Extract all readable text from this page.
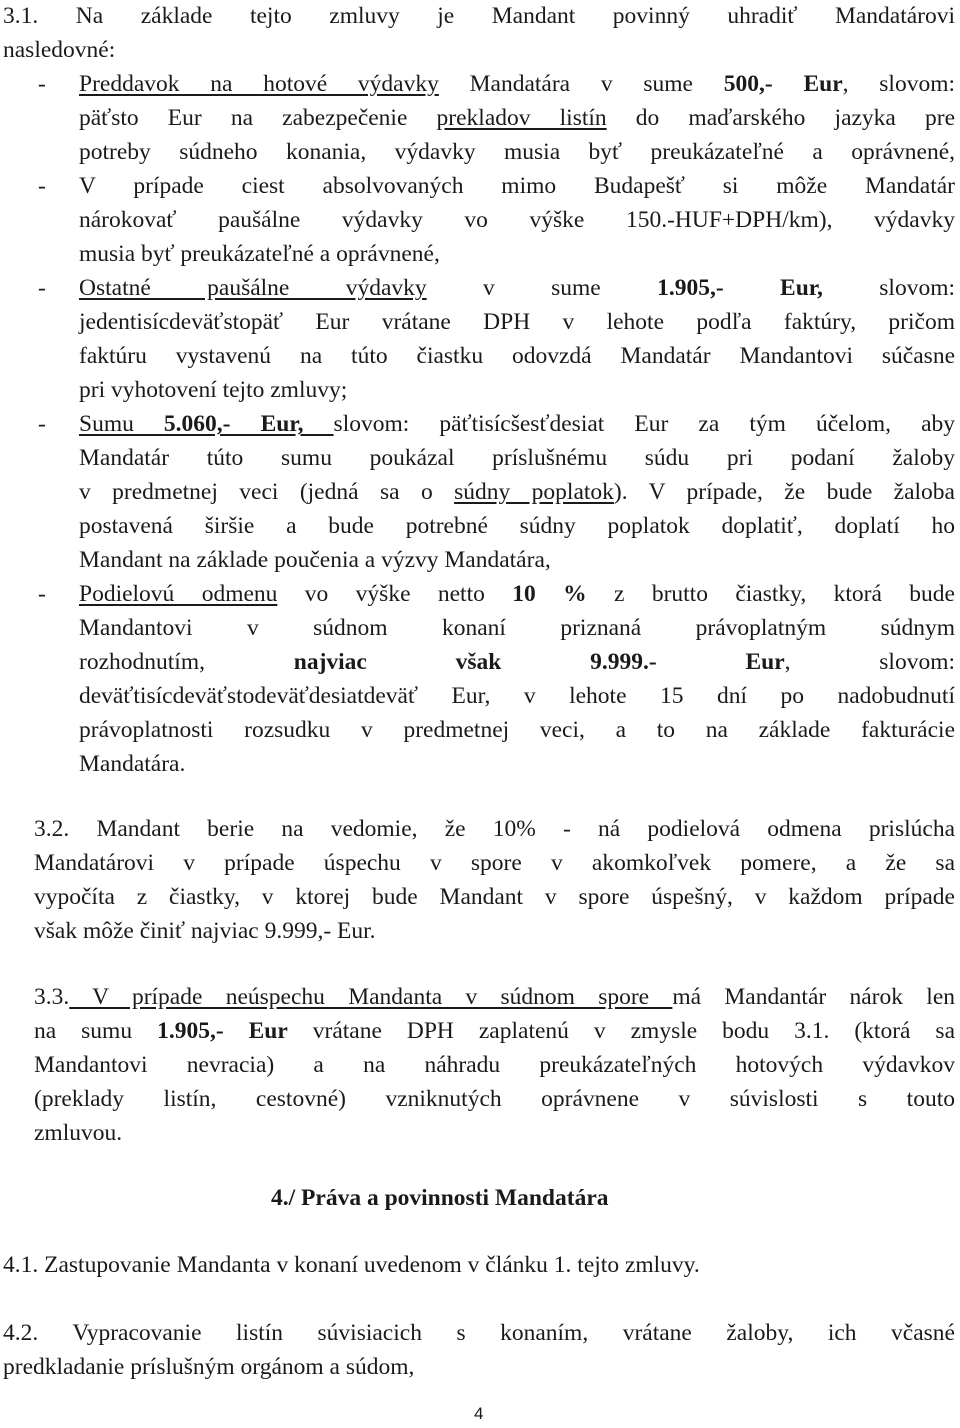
3.1. Na základe tejto zmluvy je Mandant povinný uhradiť Mandatárovi
nasledovné:
- Preddavok na hotové výdavky Mandatára v sume 500,- Eur, slovom:
päťsto Eur na zabezpečenie prekladov listín do maďarského jazyka pre
potreby súdneho konania, výdavky musia byť preukázateľné a oprávnené,
- V prípade ciest absolvovaných mimo Budapešť si môže Mandatár
nárokovať paušálne výdavky vo výške 150.-HUF+DPH/km), výdavky
musia byť preukázateľné a oprávnené,
- Ostatné paušálne výdavky v sume 1.905,- Eur, slovom:
jedentisícdeväťstopäť Eur vrátane DPH v lehote podľa faktúry, pričom
faktúru vystavenú na túto čiastku odovzdá Mandatár Mandantovi súčasne
pri vyhotovení tejto zmluvy;
- Sumu 5.060,- Eur, slovom: päťtisícšesťdesiat Eur za tým účelom, aby
Mandatár túto sumu poukázal príslušnému súdu pri podaní žaloby
v predmetnej veci (jedná sa o súdny poplatok). V prípade, že bude žaloba
postavená širšie a bude potrebné súdny poplatok doplatiť, doplatí ho
Mandant na základe poučenia a výzvy Mandatára,
- Podielovú odmenu vo výške netto 10 % z brutto čiastky, ktorá bude
Mandantovi v súdnom konaní priznaná právoplatným súdnym
rozhodnutím, najviac však 9.999.- Eur, slovom:
deväťtisícdeväťstodeväťdesiatdeväť Eur, v lehote 15 dní po nadobudnutí
právoplatnosti rozsudku v predmetnej veci, a to na základe fakturácie
Mandatára.
3.2. Mandant berie na vedomie, že 10% - ná podielová odmena prislúcha
Mandatárovi v prípade úspechu v spore v akomkoľvek pomere, a že sa
vypočíta z čiastky, v ktorej bude Mandant v spore úspešný, v každom prípade
však môže činiť najviac 9.999,- Eur.
3.3. V prípade neúspechu Mandanta v súdnom spore má Mandantár nárok len
na sumu 1.905,- Eur vrátane DPH zaplatenú v zmysle bodu 3.1. (ktorá sa
Mandantovi nevracia) a na náhradu preukázateľných hotových výdavkov
(preklady listín, cestovné) vzniknutých oprávnene v súvislosti s touto
zmluvou.
4./ Práva a povinnosti Mandatára
4.1. Zastupovanie Mandanta v konaní uvedenom v článku 1. tejto zmluvy.
4.2. Vypracovanie listín súvisiacich s konaním, vrátane žaloby, ich včasné
predkladanie príslušným orgánom a súdom,
4
